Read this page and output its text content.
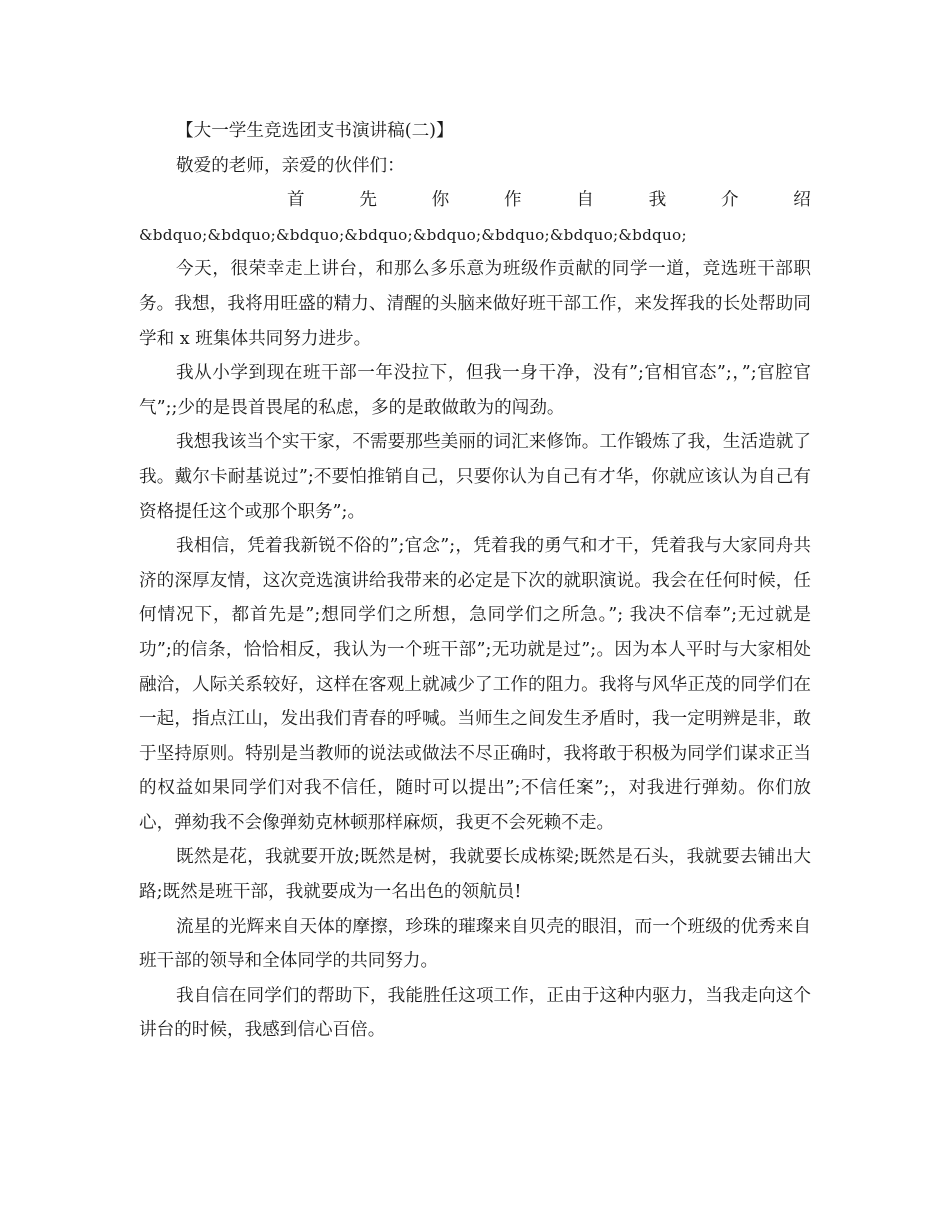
【大一学生竞选团支书演讲稿(二)】

敬爱的老师，亲爱的伙伴们：

首	先	你	作	自	我	介	绍
&bdquo;&bdquo;&bdquo;&bdquo;&bdquo;&bdquo;&bdquo;&bdquo;

今天，很荣幸走上讲台，和那么多乐意为班级作贡献的同学一道，竞选班干部职务。我想，我将用旺盛的精力、清醒的头脑来做好班干部工作，来发挥我的长处帮助同学和 x 班集体共同努力进步。

我从小学到现在班干部一年没拉下，但我一身干净，没有”;官相官态”;，”;官腔官气”;;少的是畏首畏尾的私虑，多的是敢做敢为的闯劲。

我想我该当个实干家，不需要那些美丽的词汇来修饰。工作锻炼了我，生活造就了我。戴尔卡耐基说过”;不要怕推销自己，只要你认为自己有才华，你就应该认为自己有资格提任这个或那个职务”;。

我相信，凭着我新锐不俗的”;官念”;，凭着我的勇气和才干，凭着我与大家同舟共济的深厚友情，这次竞选演讲给我带来的必定是下次的就职演说。我会在任何时候，任何情况下，都首先是”;想同学们之所想，急同学们之所急。”; 我决不信奉”;无过就是功”;的信条，恰恰相反，我认为一个班干部”;无功就是过”;。因为本人平时与大家相处融洽，人际关系较好，这样在客观上就减少了工作的阻力。我将与风华正茂的同学们在一起，指点江山，发出我们青春的呼喊。当师生之间发生矛盾时，我一定明辨是非，敢于坚持原则。特别是当教师的说法或做法不尽正确时，我将敢于积极为同学们谋求正当的权益如果同学们对我不信任，随时可以提出”;不信任案”;，对我进行弹劾。你们放心，弹劾我不会像弹劾克林顿那样麻烦，我更不会死赖不走。

既然是花，我就要开放;既然是树，我就要长成栋梁;既然是石头，我就要去铺出大路;既然是班干部，我就要成为一名出色的领航员!

流星的光辉来自天体的摩擦，珍珠的璀璨来自贝壳的眼泪，而一个班级的优秀来自班干部的领导和全体同学的共同努力。

我自信在同学们的帮助下，我能胜任这项工作，正由于这种内驱力，当我走向这个讲台的时候，我感到信心百倍。
